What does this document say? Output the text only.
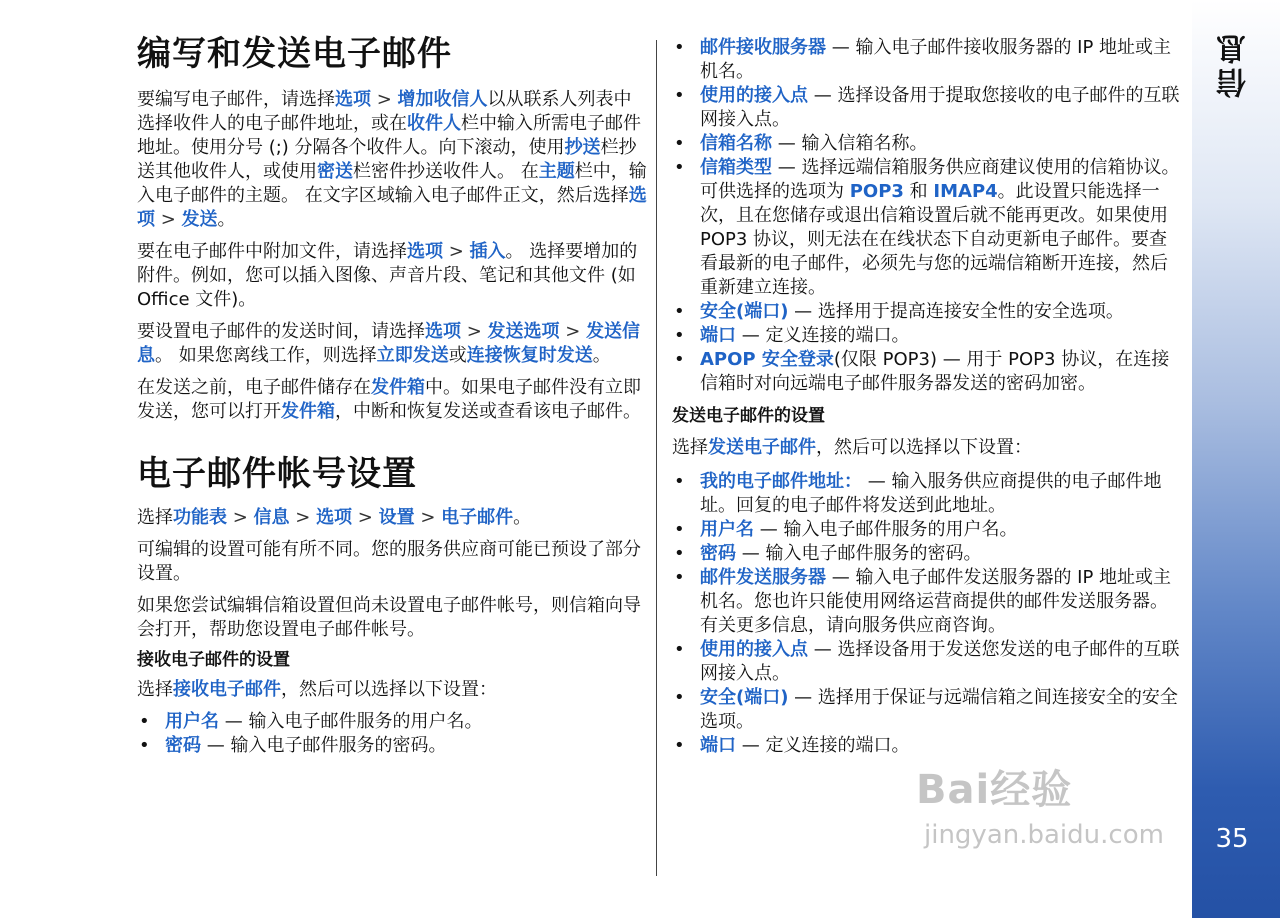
编写和发送电子邮件

要编写电子邮件，请选择选项 > 增加收信人以从联系人列表中选择收件人的电子邮件地址，或在收件人栏中输入所需电子邮件地址。使用分号 (;) 分隔各个收件人。向下滚动，使用抄送栏抄送其他收件人，或使用密送栏密件抄送收件人。 在主题栏中，输入电子邮件的主题。 在文字区域输入电子邮件正文，然后选择选项 > 发送。

要在电子邮件中附加文件，请选择选项 > 插入。 选择要增加的附件。例如，您可以插入图像、声音片段、笔记和其他文件 (如 Office 文件)。

要设置电子邮件的发送时间，请选择选项 > 发送选项 > 发送信息。 如果您离线工作，则选择立即发送或连接恢复时发送。

在发送之前，电子邮件储存在发件箱中。如果电子邮件没有立即发送，您可以打开发件箱，中断和恢复发送或查看该电子邮件。

电子邮件帐号设置

选择功能表 > 信息 > 选项 > 设置 > 电子邮件。

可编辑的设置可能有所不同。您的服务供应商可能已预设了部分设置。

如果您尝试编辑信箱设置但尚未设置电子邮件帐号，则信箱向导会打开，帮助您设置电子邮件帐号。

接收电子邮件的设置

选择接收电子邮件，然后可以选择以下设置：

• 用户名 — 输入电子邮件服务的用户名。
• 密码 — 输入电子邮件服务的密码。
• 邮件接收服务器 — 输入电子邮件接收服务器的 IP 地址或主机名。
• 使用的接入点 — 选择设备用于提取您接收的电子邮件的互联网接入点。
• 信箱名称 — 输入信箱名称。
• 信箱类型 — 选择远端信箱服务供应商建议使用的信箱协议。可供选择的选项为 POP3 和 IMAP4。此设置只能选择一次，且在您储存或退出信箱设置后就不能再更改。如果使用 POP3 协议，则无法在在线状态下自动更新电子邮件。要查看最新的电子邮件，必须先与您的远端信箱断开连接，然后重新建立连接。
• 安全(端口) — 选择用于提高连接安全性的安全选项。
• 端口 — 定义连接的端口。
• APOP 安全登录(仅限 POP3) — 用于 POP3 协议，在连接信箱时对向远端电子邮件服务器发送的密码加密。
发送电子邮件的设置

选择发送电子邮件，然后可以选择以下设置：

• 我的电子邮件地址： — 输入服务供应商提供的电子邮件地址。回复的电子邮件将发送到此地址。
• 用户名 — 输入电子邮件服务的用户名。
• 密码 — 输入电子邮件服务的密码。
• 邮件发送服务器 — 输入电子邮件发送服务器的 IP 地址或主机名。您也许只能使用网络运营商提供的邮件发送服务器。有关更多信息，请向服务供应商咨询。
• 使用的接入点 — 选择设备用于发送您发送的电子邮件的互联网接入点。
• 安全(端口) — 选择用于保证与远端信箱之间连接安全的安全选项。
• 端口 — 定义连接的端口。
信息
35
Bai经验
jingyan.baidu.com
